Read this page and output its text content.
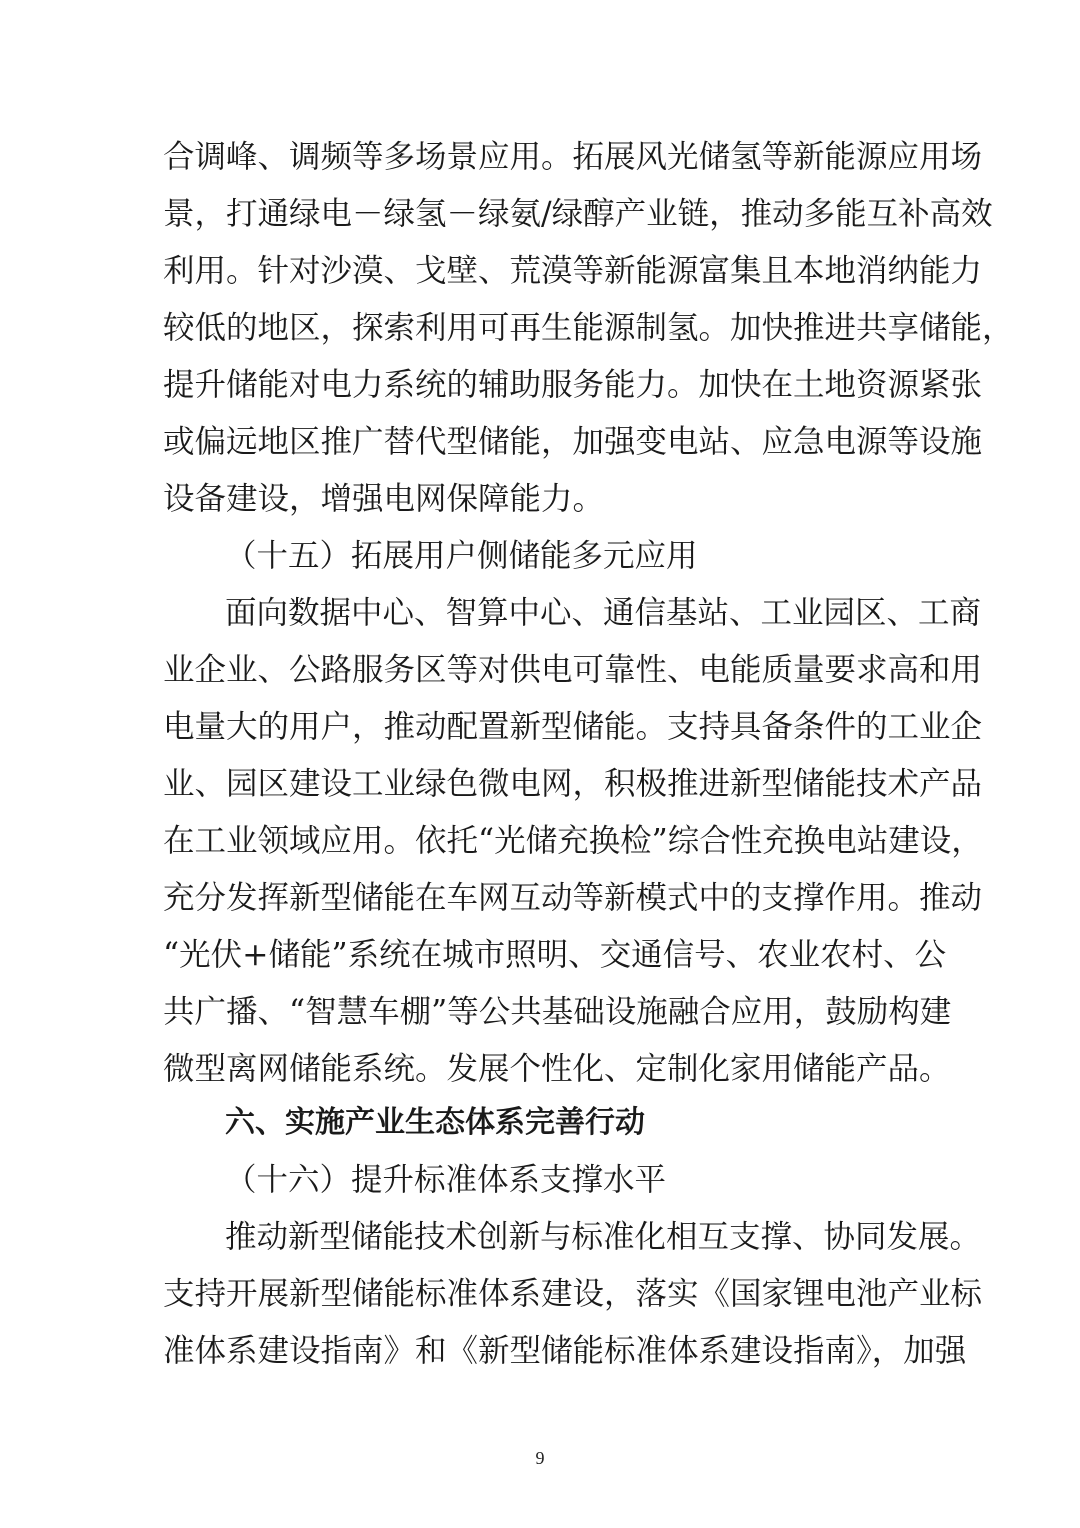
合调峰、调频等多场景应用。拓展风光储氢等新能源应用场
景，打通绿电－绿氢－绿氨/绿醇产业链，推动多能互补高效
利用。针对沙漠、戈壁、荒漠等新能源富集且本地消纳能力
较低的地区，探索利用可再生能源制氢。加快推进共享储能，
提升储能对电力系统的辅助服务能力。加快在土地资源紧张
或偏远地区推广替代型储能，加强变电站、应急电源等设施
设备建设，增强电网保障能力。
（十五）拓展用户侧储能多元应用
面向数据中心、智算中心、通信基站、工业园区、工商
业企业、公路服务区等对供电可靠性、电能质量要求高和用
电量大的用户，推动配置新型储能。支持具备条件的工业企
业、园区建设工业绿色微电网，积极推进新型储能技术产品
在工业领域应用。依托“光储充换检”综合性充换电站建设，
充分发挥新型储能在车网互动等新模式中的支撑作用。推动
“光伏+储能”系统在城市照明、交通信号、农业农村、公
共广播、“智慧车棚”等公共基础设施融合应用，鼓励构建
微型离网储能系统。发展个性化、定制化家用储能产品。
六、实施产业生态体系完善行动
（十六）提升标准体系支撑水平
推动新型储能技术创新与标准化相互支撑、协同发展。
支持开展新型储能标准体系建设，落实《国家锂电池产业标
准体系建设指南》和《新型储能标准体系建设指南》，加强
9
